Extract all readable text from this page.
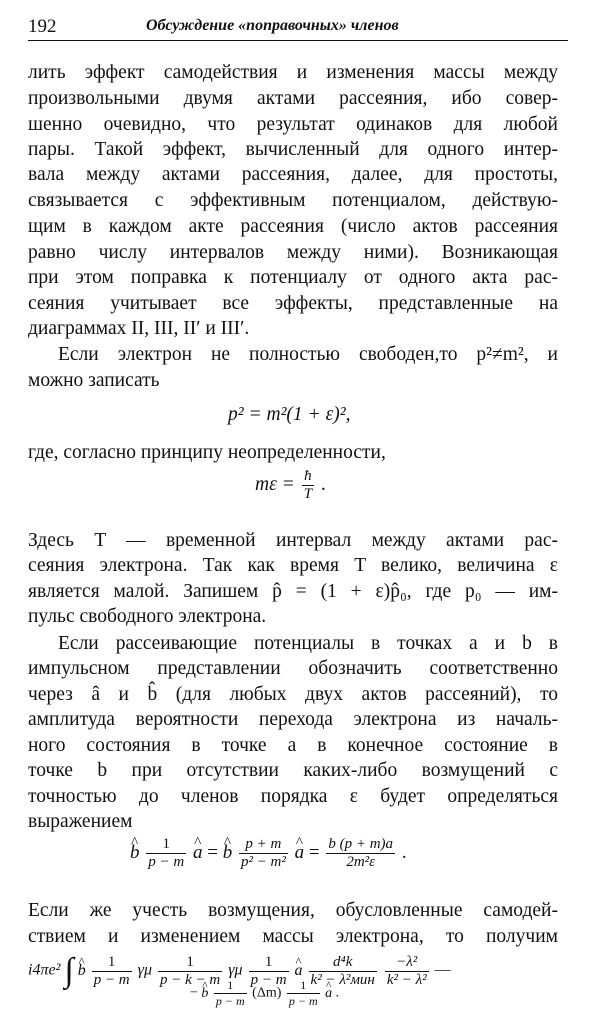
192	Обсуждение «поправочных» членов
лить эффект самодействия и изменения массы между
произвольными двумя актами рассеяния, ибо совер-
шенно очевидно, что результат одинаков для любой
пары. Такой эффект, вычисленный для одного интер-
вала между актами рассеяния, далее, для простоты,
связывается с эффективным потенциалом, действую-
щим в каждом акте рассеяния (число актов рассеяния
равно числу интервалов между ними). Возникающая
при этом поправка к потенциалу от одного акта рас-
сеяния учитывает все эффекты, представленные на
диаграммах II, III, II′ и III′.
Если электрон не полностью свободен,то p²≠m², и
можно записать
p² = m²(1 + ε)²,
где, согласно принципу неопределенности,
$m\varepsilon = \frac{ħ}{T}$ .
Здесь T — временной интервал между актами рас-
сеяния электрона. Так как время T велико, величина ε
является малой. Запишем p̂ = (1 + ε)p̂₀, где p₀ — им-
пульс свободного электрона.
Если рассеивающие потенциалы в точках a и b в
импульсном представлении обозначить соответственно
через â и b̂ (для любых двух актов рассеяний), то
амплитуда вероятности перехода электрона из началь-
ного состояния в точке a в конечное состояние в
точке b при отсутствии каких-либо возмущений с
точностью до членов порядка ε будет определяться
выражением
^ b $\frac{1}{p - m}$ ^ a = ^ b $\frac{p + m}{\text{p² − m²}}$ ^ $a = \frac{b (p + m)a}{\text{2m²ε}}$ .
Если же учесть возмущения, обусловленные самодей-
ствием и изменением массы электрона, то получим
i4πe² ∫ ^ b $\frac{1}{p - m}$ γμ $\frac{1}{p - k - m}$ γμ $\frac{1}{p - m}$ ^ a $\frac{\text{d⁴k}}{\text{k² − λ²мин}}$
$\frac{\text{−λ²}}{\text{k² − λ²}}$ —
− ^ b $\frac{1}{p - m} (\Delta m) \frac{1}{p - m}$ ^ a .
